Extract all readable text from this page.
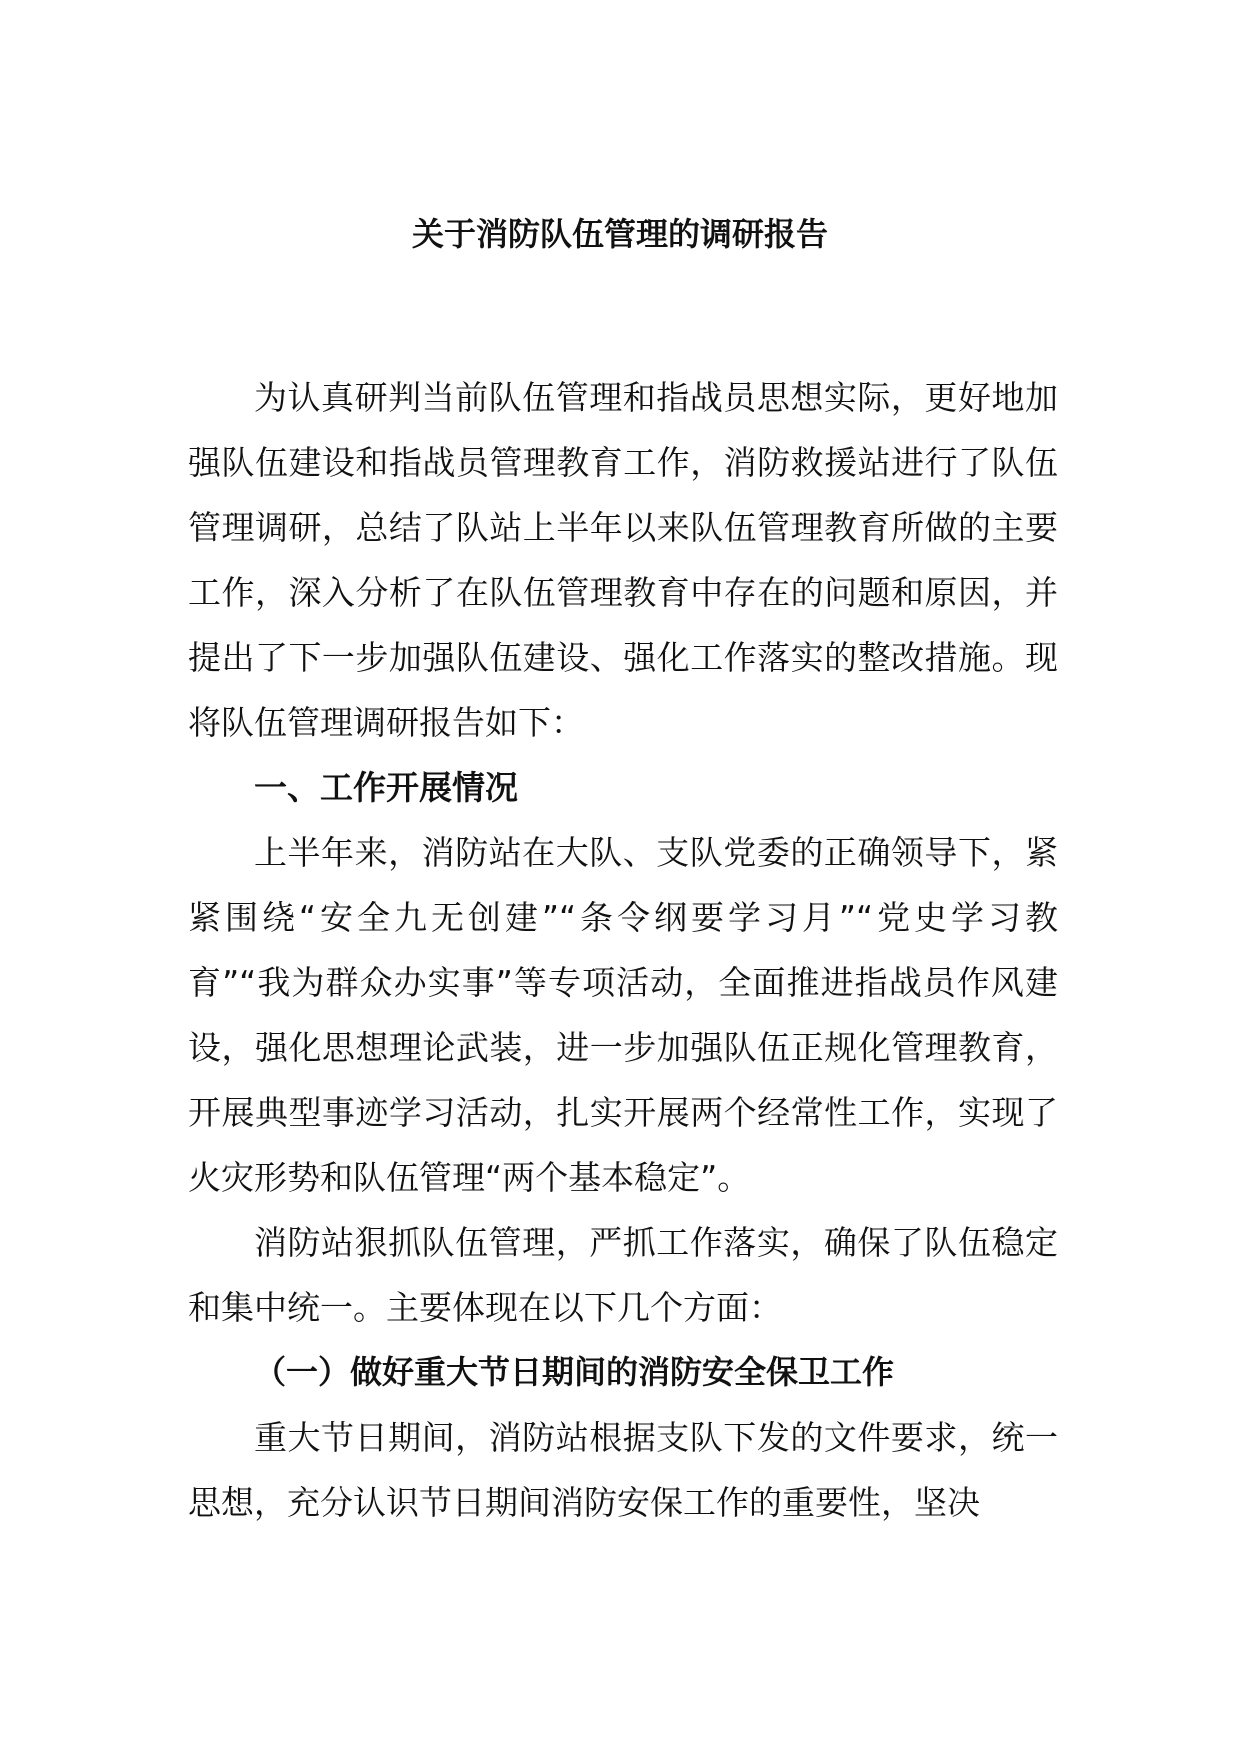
关于消防队伍管理的调研报告

为认真研判当前队伍管理和指战员思想实际，更好地加强队伍建设和指战员管理教育工作，消防救援站进行了队伍管理调研，总结了队站上半年以来队伍管理教育所做的主要工作，深入分析了在队伍管理教育中存在的问题和原因，并提出了下一步加强队伍建设、强化工作落实的整改措施。现将队伍管理调研报告如下：

一、工作开展情况

上半年来，消防站在大队、支队党委的正确领导下，紧紧围绕“安全九无创建”“条令纲要学习月”“党史学习教育”“我为群众办实事”等专项活动，全面推进指战员作风建设，强化思想理论武装，进一步加强队伍正规化管理教育，开展典型事迹学习活动，扎实开展两个经常性工作，实现了火灾形势和队伍管理“两个基本稳定”。

消防站狠抓队伍管理，严抓工作落实，确保了队伍稳定和集中统一。主要体现在以下几个方面：

（一）做好重大节日期间的消防安全保卫工作

重大节日期间，消防站根据支队下发的文件要求，统一思想，充分认识节日期间消防安保工作的重要性，坚决
